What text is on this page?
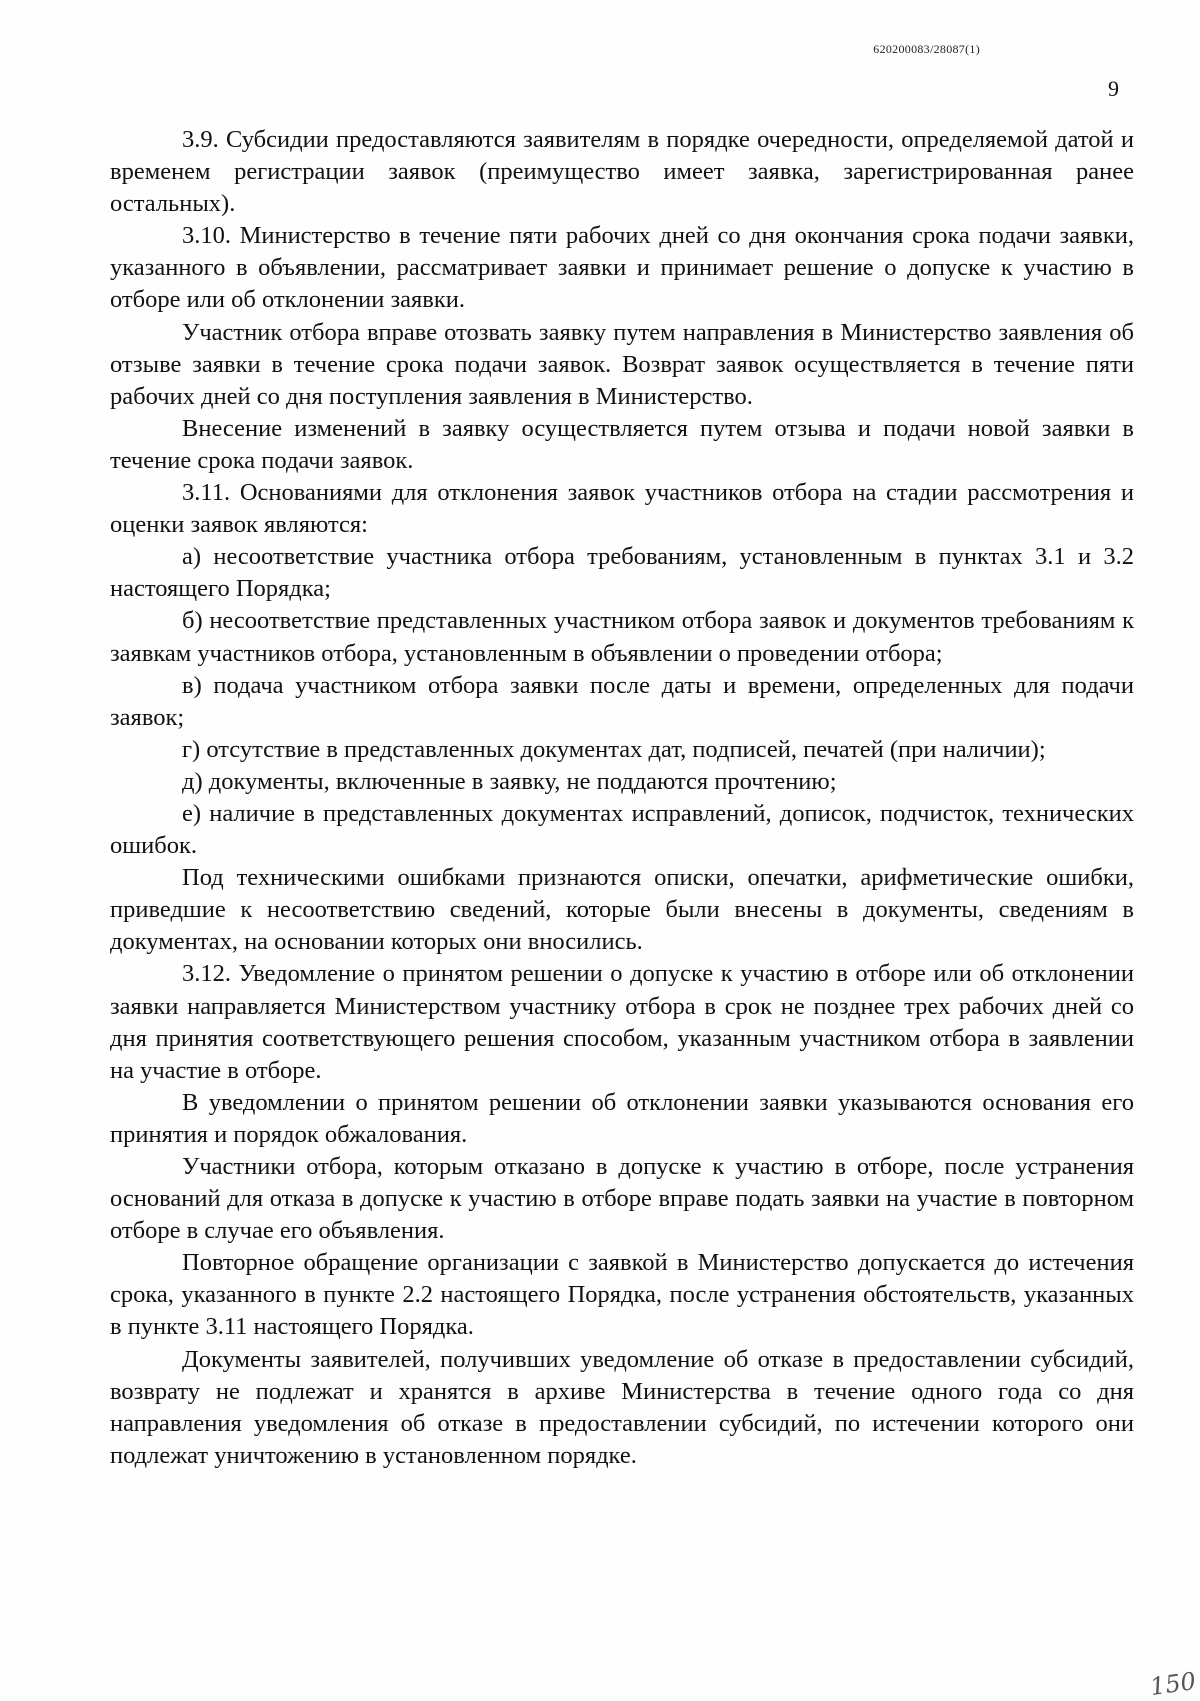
620200083/28087(1)
9

3.9. Субсидии предоставляются заявителям в порядке очередности, определяемой датой и временем регистрации заявок (преимущество имеет заявка, зарегистрированная ранее остальных).

3.10. Министерство в течение пяти рабочих дней со дня окончания срока подачи заявки, указанного в объявлении, рассматривает заявки и принимает решение о допуске к участию в отборе или об отклонении заявки.

Участник отбора вправе отозвать заявку путем направления в Министерство заявления об отзыве заявки в течение срока подачи заявок. Возврат заявок осуществляется в течение пяти рабочих дней со дня поступления заявления в Министерство.

Внесение изменений в заявку осуществляется путем отзыва и подачи новой заявки в течение срока подачи заявок.

3.11. Основаниями для отклонения заявок участников отбора на стадии рассмотрения и оценки заявок являются:

а) несоответствие участника отбора требованиям, установленным в пунктах 3.1 и 3.2 настоящего Порядка;

б) несоответствие представленных участником отбора заявок и документов требованиям к заявкам участников отбора, установленным в объявлении о проведении отбора;

в) подача участником отбора заявки после даты и времени, определенных для подачи заявок;

г) отсутствие в представленных документах дат, подписей, печатей (при наличии);

д) документы, включенные в заявку, не поддаются прочтению;

е) наличие в представленных документах исправлений, дописок, подчисток, технических ошибок.

Под техническими ошибками признаются описки, опечатки, арифметические ошибки, приведшие к несоответствию сведений, которые были внесены в документы, сведениям в документах, на основании которых они вносились.

3.12. Уведомление о принятом решении о допуске к участию в отборе или об отклонении заявки направляется Министерством участнику отбора в срок не позднее трех рабочих дней со дня принятия соответствующего решения способом, указанным участником отбора в заявлении на участие в отборе.

В уведомлении о принятом решении об отклонении заявки указываются основания его принятия и порядок обжалования.

Участники отбора, которым отказано в допуске к участию в отборе, после устранения оснований для отказа в допуске к участию в отборе вправе подать заявки на участие в повторном отборе в случае его объявления.

Повторное обращение организации с заявкой в Министерство допускается до истечения срока, указанного в пункте 2.2 настоящего Порядка, после устранения обстоятельств, указанных в пункте 3.11 настоящего Порядка.

Документы заявителей, получивших уведомление об отказе в предоставлении субсидий, возврату не подлежат и хранятся в архиве Министерства в течение одного года со дня направления уведомления об отказе в предоставлении субсидий, по истечении которого они подлежат уничтожению в установленном порядке.

150
